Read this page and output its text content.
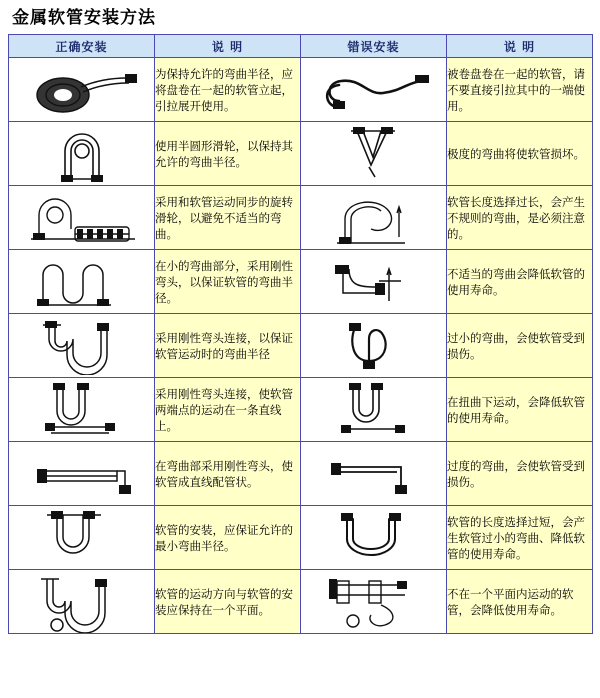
金属软管安装方法
正确安装	说 明	错误安装	说 明

	为保持允许的弯曲半径，应将盘卷在一起的软管立起，引拉展开使用。		被卷盘卷在一起的软管，请不要直接引拉其中的一端使用。

	使用半圆形滑轮，以保持其允许的弯曲半径。		极度的弯曲将使软管损坏。

	采用和软管运动同步的旋转滑轮，以避免不适当的弯曲。		软管长度选择过长，会产生不规则的弯曲，是必须注意的。

	在小的弯曲部分，采用刚性弯头，以保证软管的弯曲半径。		不适当的弯曲会降低软管的使用寿命。

	采用刚性弯头连接，以保证软管运动时的弯曲半径		过小的弯曲，会使软管受到损伤。

	采用刚性弯头连接，使软管两端点的运动在一条直线上。		在扭曲下运动，会降低软管的使用寿命。

	在弯曲部采用刚性弯头，使软管成直线配管状。		过度的弯曲，会使软管受到损伤。

	软管的安装，应保证允许的最小弯曲半径。		软管的长度选择过短，会产生软管过小的弯曲、降低软管的使用寿命。

	软管的运动方向与软管的安装应保持在一个平面。		不在一个平面内运动的软管，会降低使用寿命。
